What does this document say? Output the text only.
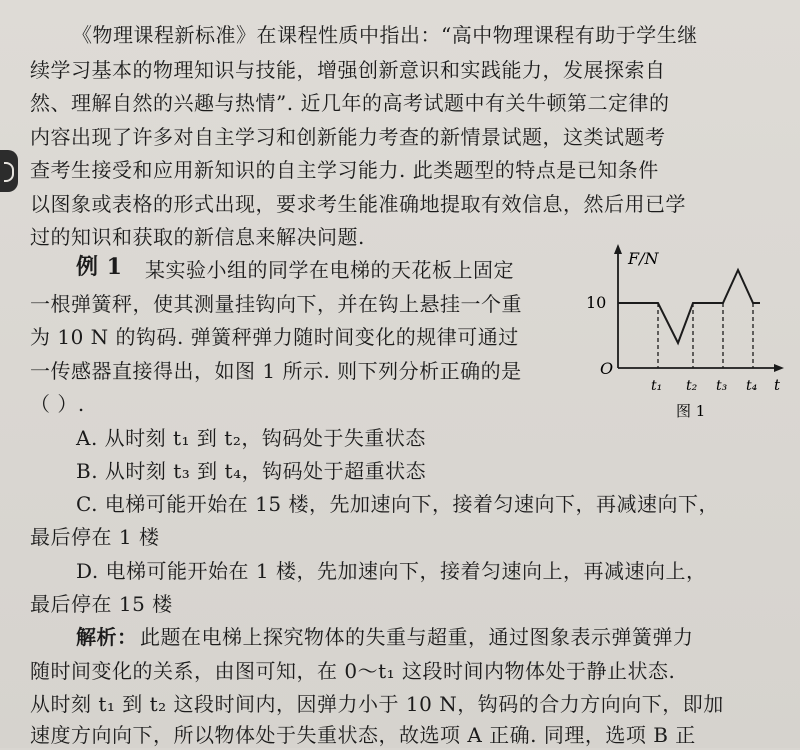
《物理课程新标准》在课程性质中指出：“高中物理课程有助于学生继
续学习基本的物理知识与技能，增强创新意识和实践能力，发展探索自
然、理解自然的兴趣与热情”. 近几年的高考试题中有关牛顿第二定律的
内容出现了许多对自主学习和创新能力考查的新情景试题，这类试题考
查考生接受和应用新知识的自主学习能力. 此类题型的特点是已知条件
以图象或表格的形式出现，要求考生能准确地提取有效信息，然后用已学
过的知识和获取的新信息来解决问题.
例 1 某实验小组的同学在电梯的天花板上固定
一根弹簧秤，使其测量挂钩向下，并在钩上悬挂一个重
为 10 N 的钩码. 弹簧秤弹力随时间变化的规律可通过
一传感器直接得出，如图 1 所示. 则下列分析正确的是
（ ）.
A. 从时刻 t₁ 到 t₂，钩码处于失重状态
B. 从时刻 t₃ 到 t₄，钩码处于超重状态
C. 电梯可能开始在 15 楼，先加速向下，接着匀速向下，再减速向下，
最后停在 1 楼
D. 电梯可能开始在 1 楼，先加速向下，接着匀速向上，再减速向上，
最后停在 15 楼
解析： 此题在电梯上探究物体的失重与超重，通过图象表示弹簧弹力
随时间变化的关系，由图可知，在 0～t₁ 这段时间内物体处于静止状态.
从时刻 t₁ 到 t₂ 这段时间内，因弹力小于 10 N，钩码的合力方向向下，即加
速度方向向下，所以物体处于失重状态，故选项 A 正确. 同理，选项 B 正
F/N
t
O
10
t₁ t₂ t₃ t₄
图 1
